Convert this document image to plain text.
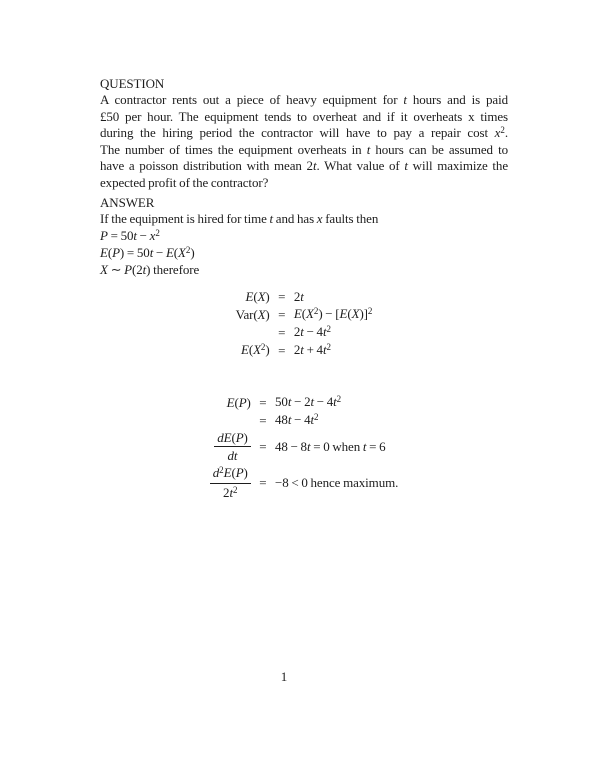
QUESTION
A contractor rents out a piece of heavy equipment for t hours and is paid
£50 per hour. The equipment tends to overheat and if it overheats x times
during the hiring period the contractor will have to pay a repair cost $x^2$.
The number of times the equipment overheats in t hours can be assumed to
have a poisson distribution with mean 2t. What value of t will maximize the
expected profit of the contractor?
ANSWER
If the equipment is hired for time t and has x faults then
$P = 50t - x^2$
$E(P) = 50t - E(X^2)$
X ∼ P(2t) therefore
E(X)	=	2t
Var(X)	=	$E(X^2) - [E(X)]^2$
	=	$2t - 4t^2$
$E(X^2)$	=	$2t + 4t^2$
E(P)	=	$50t - 2t - 4t^2$
	=	$48t - 4t^2$

$\frac{dE(P)}{dt}$	=	48 − 8t = 0 when t = 6

$\frac{d^2E(P)}{2t^2}$	=	−8 < 0 hence maximum.
1
